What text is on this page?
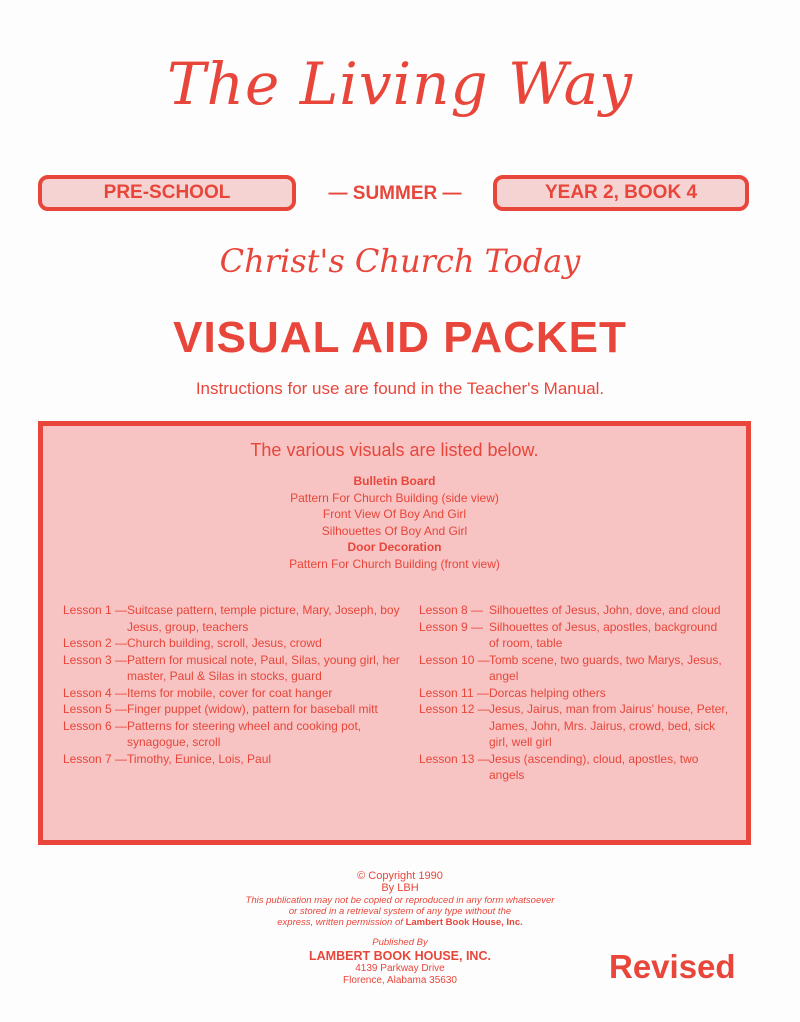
The Living Way
PRE-SCHOOL	— SUMMER —	YEAR 2, BOOK 4
Christ's Church Today
VISUAL AID PACKET
Instructions for use are found in the Teacher's Manual.
The various visuals are listed below.
Bulletin Board
Pattern For Church Building (side view)
Front View Of Boy And Girl
Silhouettes Of Boy And Girl
Door Decoration
Pattern For Church Building (front view)
Lesson 1 — Suitcase pattern, temple picture, Mary, Joseph, boy Jesus, group, teachers
Lesson 2 — Church building, scroll, Jesus, crowd
Lesson 3 — Pattern for musical note, Paul, Silas, young girl, her master, Paul & Silas in stocks, guard
Lesson 4 — Items for mobile, cover for coat hanger
Lesson 5 — Finger puppet (widow), pattern for baseball mitt
Lesson 6 — Patterns for steering wheel and cooking pot, synagogue, scroll
Lesson 7 — Timothy, Eunice, Lois, Paul
Lesson 8 — Silhouettes of Jesus, John, dove, and cloud
Lesson 9 — Silhouettes of Jesus, apostles, background of room, table
Lesson 10 — Tomb scene, two guards, two Marys, Jesus, angel
Lesson 11 — Dorcas helping others
Lesson 12 — Jesus, Jairus, man from Jairus' house, Peter, James, John, Mrs. Jairus, crowd, bed, sick girl, well girl
Lesson 13 — Jesus (ascending), cloud, apostles, two angels
© Copyright 1990
By LBH
This publication may not be copied or reproduced in any form whatsoever
or stored in a retrieval system of any type without the
express, written permission of Lambert Book House, Inc.
Published By
LAMBERT BOOK HOUSE, INC.
4139 Parkway Drive
Florence, Alabama 35630	Revised
